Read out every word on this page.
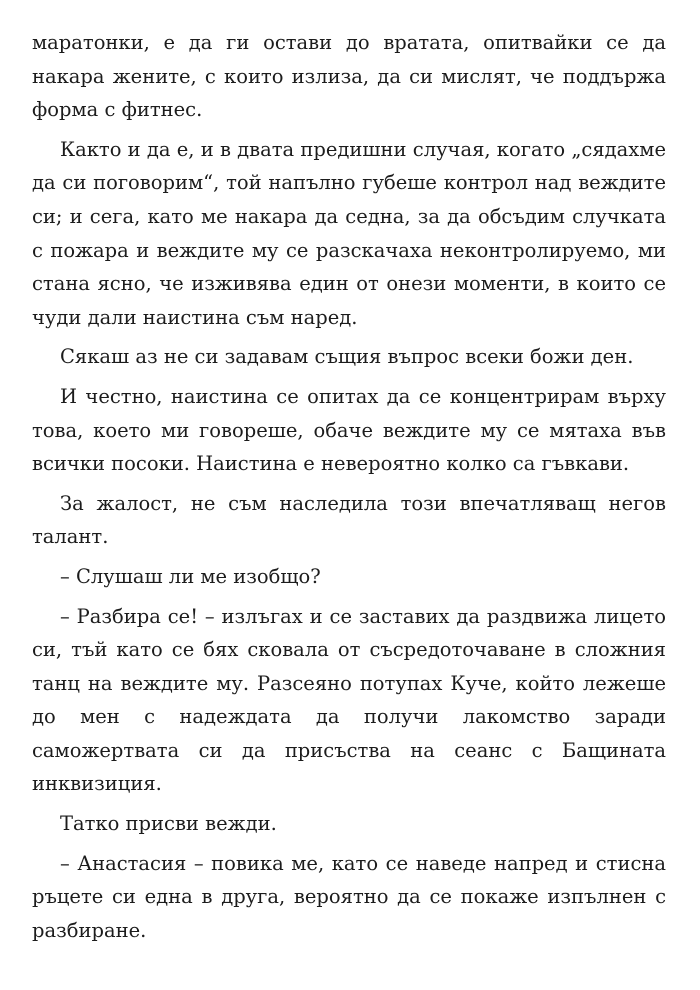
маратонки, е да ги остави до вратата, опитвайки се да накара жените, с които излиза, да си мислят, че поддържа форма с фитнес.

Както и да е, и в двата предишни случая, когато „сядахме да си поговорим“, той напълно губеше контрол над веждите си; и сега, като ме накара да седна, за да обсъдим случката с пожара и веждите му се разскачаха неконтролируемо, ми стана ясно, че изживява един от онези моменти, в които се чуди дали наистина съм наред.

Сякаш аз не си задавам същия въпрос всеки божи ден.

И честно, наистина се опитах да се концентрирам върху това, което ми говореше, обаче веждите му се мятаха във всички посоки. Наистина е невероятно колко са гъвкави.

За жалост, не съм наследила този впечатляващ негов талант.

– Слушаш ли ме изобщо?

– Разбира се! – излъгах и се заставих да раздвижа лицето си, тъй като се бях сковала от съсредоточаване в сложния танц на веждите му. Разсеяно потупах Куче, който лежеше до мен с надеждата да получи лакомство заради саможертвата си да присъства на сеанс с Бащината инквизиция.

Татко присви вежди.

– Анастасия – повика ме, като се наведе напред и стисна ръцете си една в друга, вероятно да се покаже изпълнен с разбиране.
